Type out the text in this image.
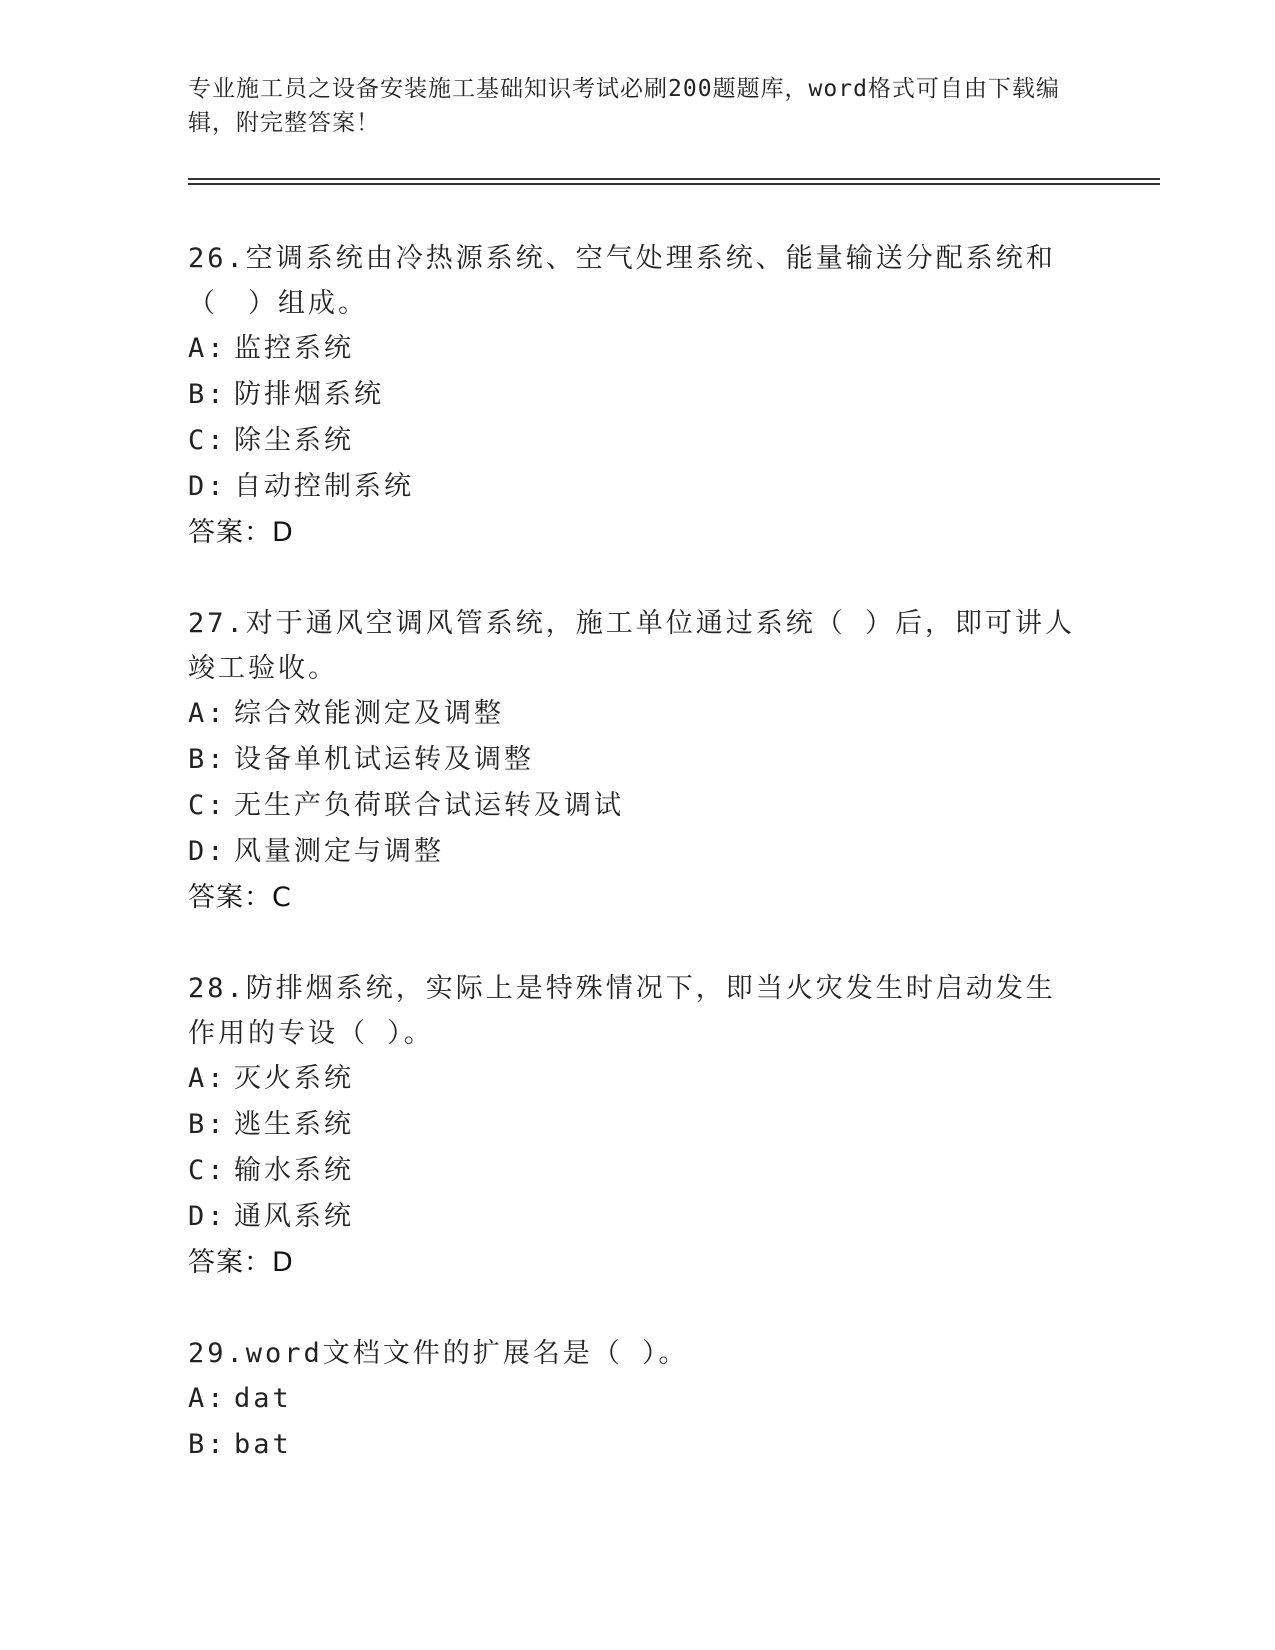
专业施工员之设备安装施工基础知识考试必刷200题题库，word格式可自由下载编辑，附完整答案！
26.空调系统由冷热源系统、空气处理系统、能量输送分配系统和（　）组成。
A: 监控系统
B: 防排烟系统
C: 除尘系统
D: 自动控制系统
答案：D
27.对于通风空调风管系统，施工单位通过系统（ ）后，即可讲人竣工验收。
A: 综合效能测定及调整
B: 设备单机试运转及调整
C: 无生产负荷联合试运转及调试
D: 风量测定与调整
答案：C
28.防排烟系统，实际上是特殊情况下，即当火灾发生时启动发生作用的专设（ ）。
A: 灭火系统
B: 逃生系统
C: 输水系统
D: 通风系统
答案：D
29.word文档文件的扩展名是（ ）。
A: dat
B: bat
